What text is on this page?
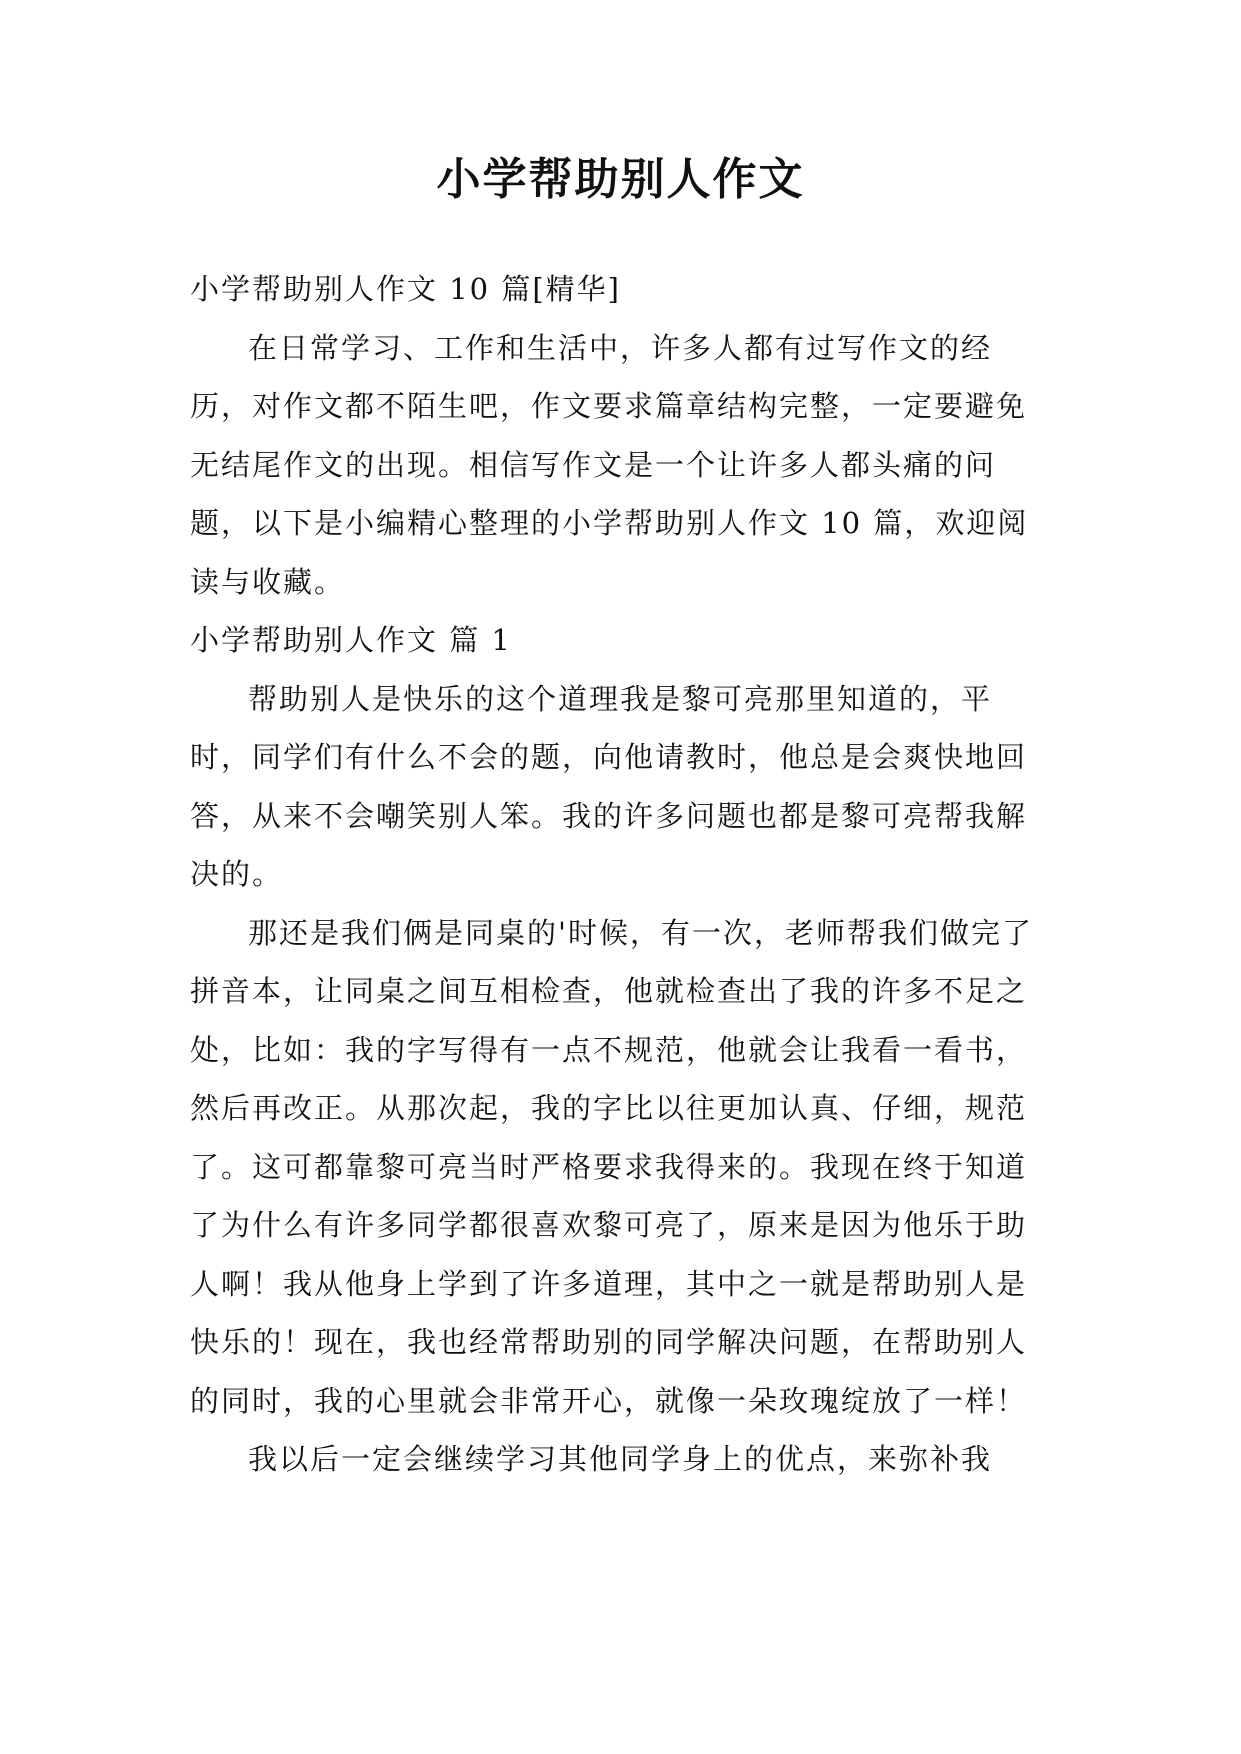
小学帮助别人作文

小学帮助别人作文 10 篇[精华]

在日常学习、工作和生活中，许多人都有过写作文的经历，对作文都不陌生吧，作文要求篇章结构完整，一定要避免无结尾作文的出现。相信写作文是一个让许多人都头痛的问题，以下是小编精心整理的小学帮助别人作文 10 篇，欢迎阅读与收藏。

小学帮助别人作文 篇 1

帮助别人是快乐的这个道理我是黎可亮那里知道的，平时，同学们有什么不会的题，向他请教时，他总是会爽快地回答，从来不会嘲笑别人笨。我的许多问题也都是黎可亮帮我解决的。

那还是我们俩是同桌的'时候，有一次，老师帮我们做完了拼音本，让同桌之间互相检查，他就检查出了我的许多不足之处，比如：我的字写得有一点不规范，他就会让我看一看书，然后再改正。从那次起，我的字比以往更加认真、仔细，规范了。这可都靠黎可亮当时严格要求我得来的。我现在终于知道了为什么有许多同学都很喜欢黎可亮了，原来是因为他乐于助人啊！我从他身上学到了许多道理，其中之一就是帮助别人是快乐的！现在，我也经常帮助别的同学解决问题，在帮助别人的同时，我的心里就会非常开心，就像一朵玫瑰绽放了一样！

我以后一定会继续学习其他同学身上的优点，来弥补我
